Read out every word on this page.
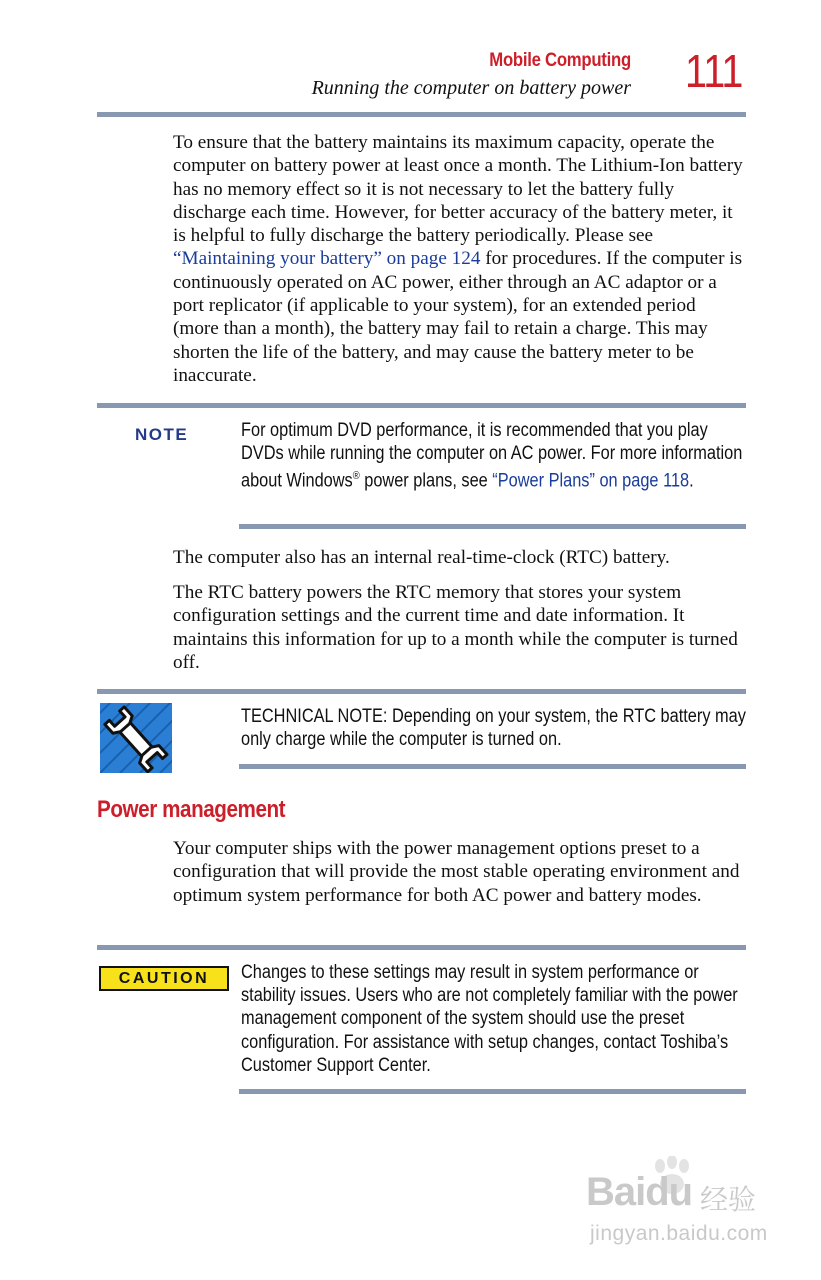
Mobile Computing
Running the computer on battery power 111
To ensure that the battery maintains its maximum capacity, operate the computer on battery power at least once a month. The Lithium-Ion battery has no memory effect so it is not necessary to let the battery fully discharge each time. However, for better accuracy of the battery meter, it is helpful to fully discharge the battery periodically. Please see “Maintaining your battery” on page 124 for procedures. If the computer is continuously operated on AC power, either through an AC adaptor or a port replicator (if applicable to your system), for an extended period (more than a month), the battery may fail to retain a charge. This may shorten the life of the battery, and may cause the battery meter to be inaccurate.
NOTE	For optimum DVD performance, it is recommended that you play DVDs while running the computer on AC power. For more information about Windows® power plans, see “Power Plans” on page 118.
The computer also has an internal real-time-clock (RTC) battery.
The RTC battery powers the RTC memory that stores your system configuration settings and the current time and date information. It maintains this information for up to a month while the computer is turned off.
TECHNICAL NOTE: Depending on your system, the RTC battery may only charge while the computer is turned on.
Power management
Your computer ships with the power management options preset to a configuration that will provide the most stable operating environment and optimum system performance for both AC power and battery modes.
CAUTION	Changes to these settings may result in system performance or stability issues. Users who are not completely familiar with the power management component of the system should use the preset configuration. For assistance with setup changes, contact Toshiba’s Customer Support Center.
Baidu 经验
jingyan.baidu.com
